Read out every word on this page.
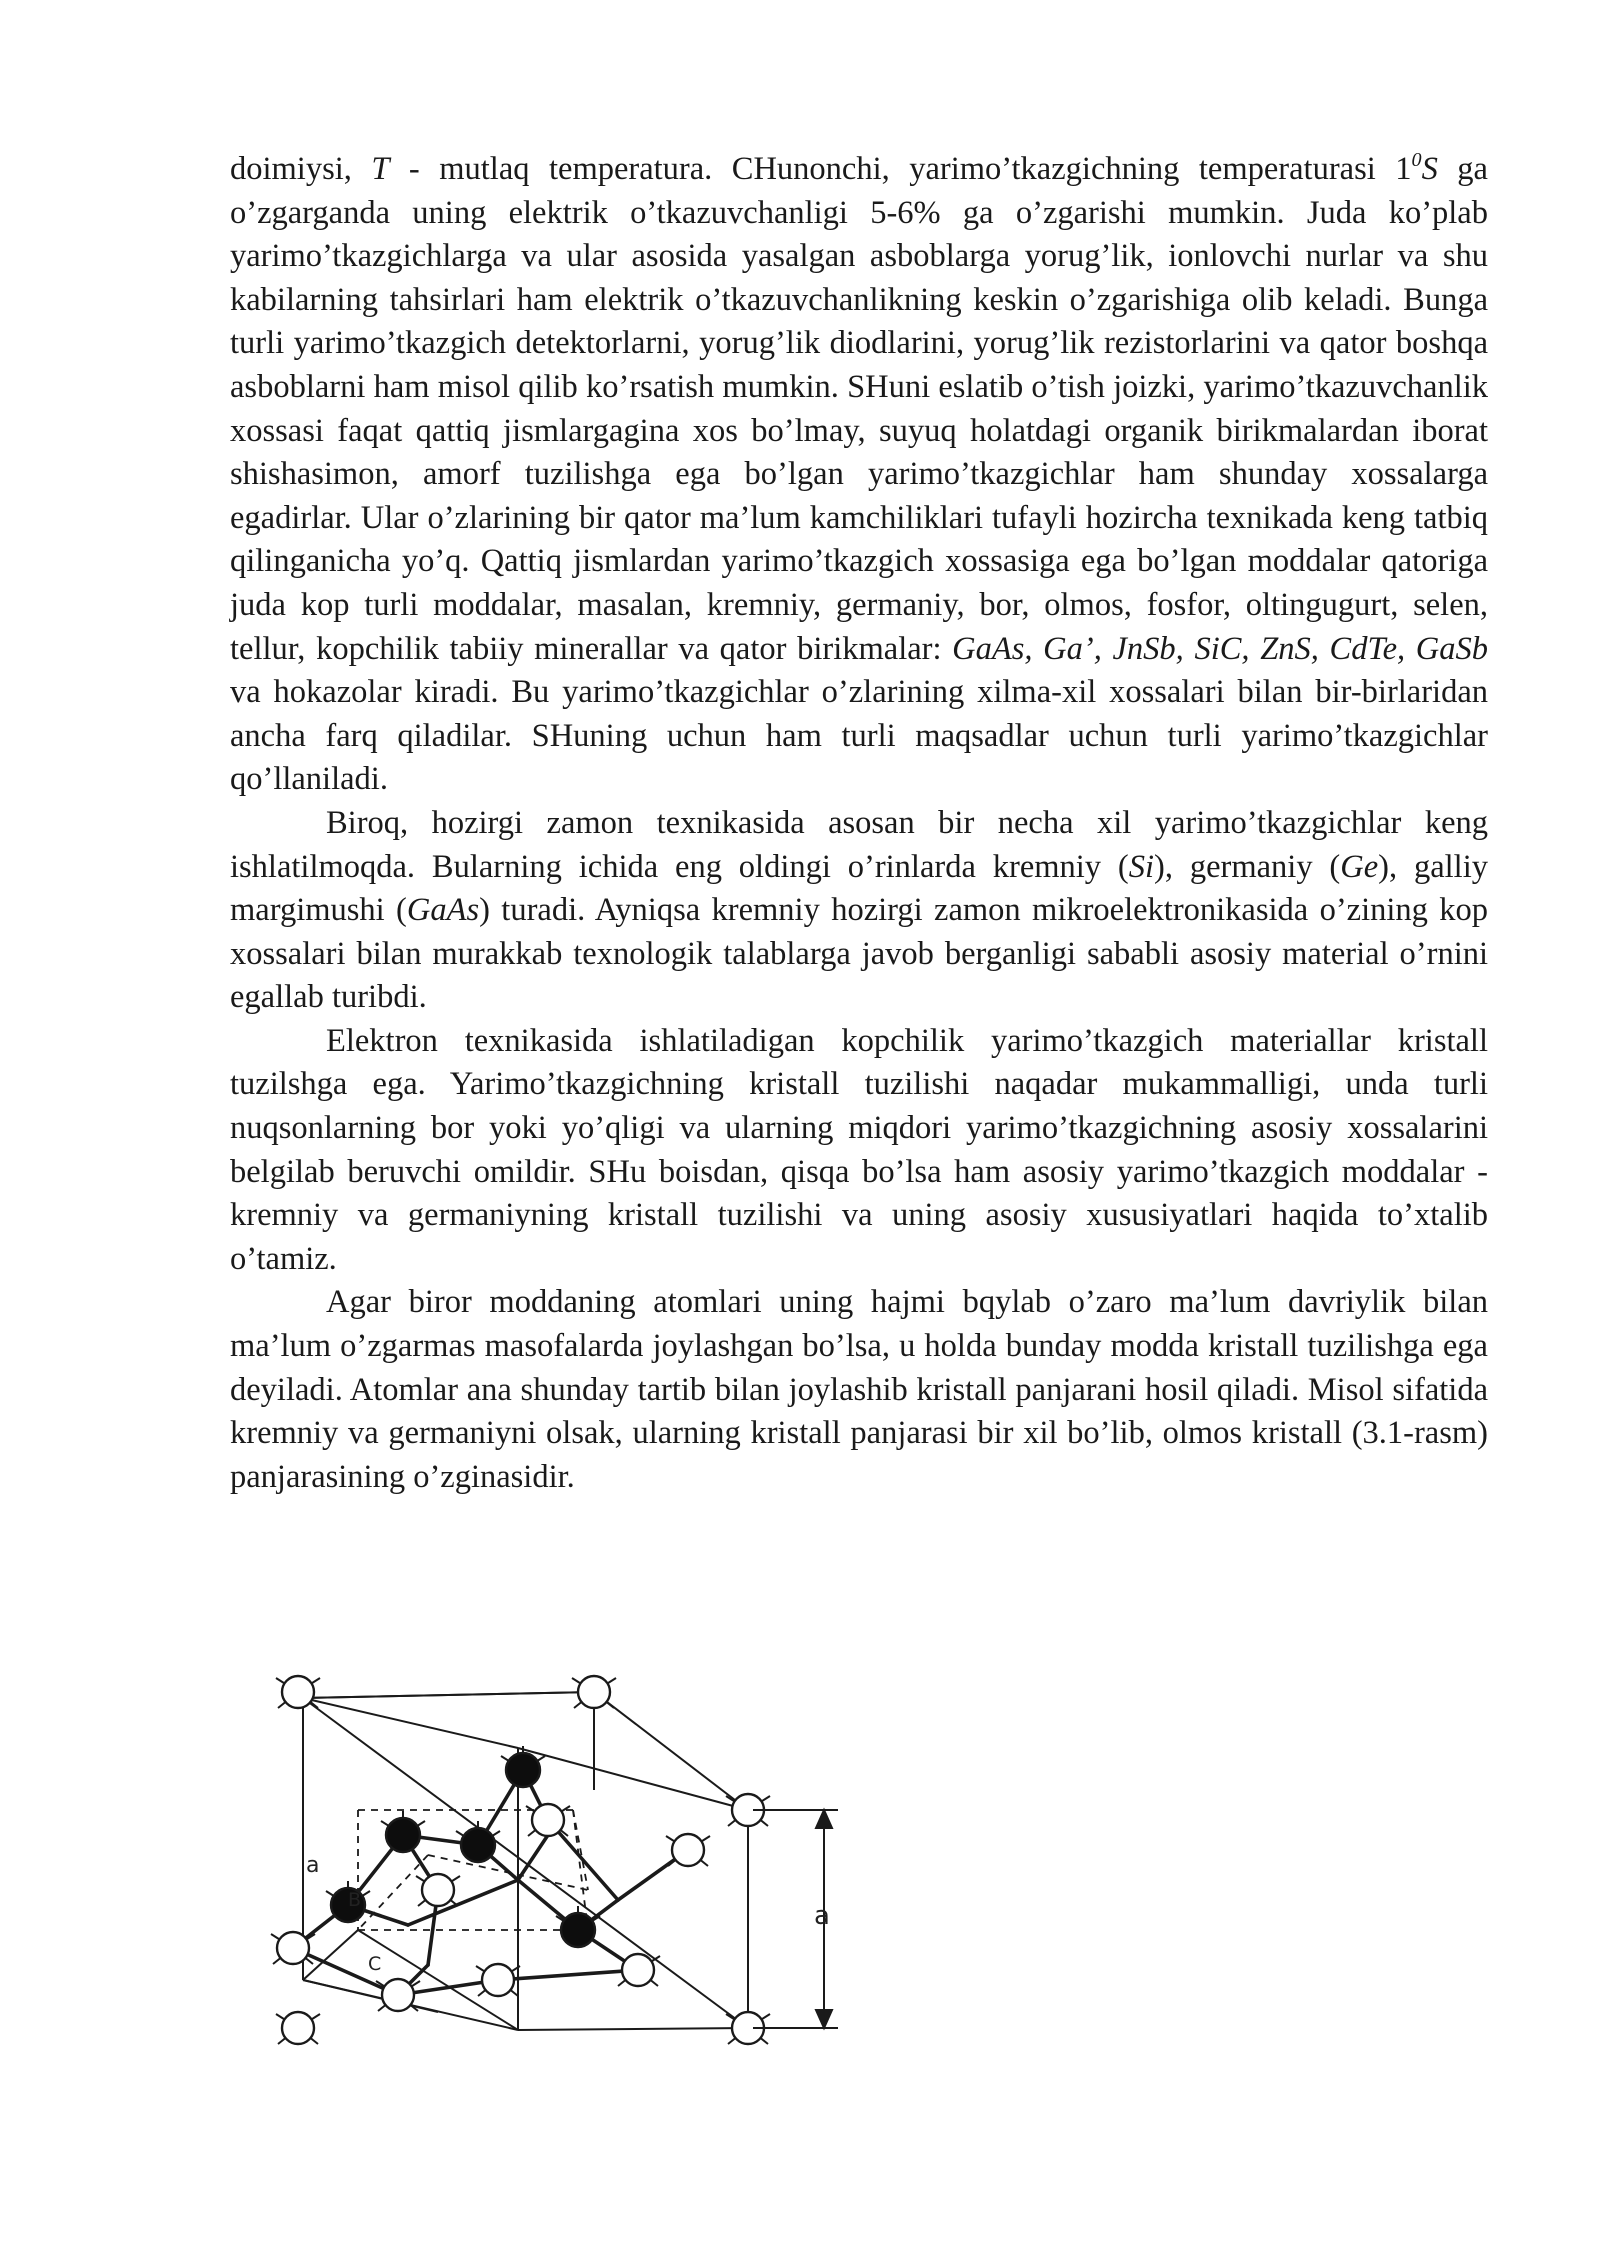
doimiysi, T - mutlaq temperatura. CHunonchi, yarimo’tkazgichning temperaturasi $1^0S$ ga o’zgarganda uning elektrik o’tkazuvchanligi 5-6% ga o’zgarishi mumkin. Juda ko’plab yarimo’tkazgichlarga va ular asosida yasalgan asboblarga yorug’lik, ionlovchi nurlar va shu kabilarning tahsirlari ham elektrik o’tkazuvchanlikning keskin o’zgarishiga olib keladi. Bunga turli yarimo’tkazgich detektorlarni, yorug’lik diodlarini, yorug’lik rezistorlarini va qator boshqa asboblarni ham misol qilib ko’rsatish mumkin. SHuni eslatib o’tish joizki, yarimo’tkazuvchanlik xossasi faqat qattiq jismlargagina xos bo’lmay, suyuq holatdagi organik birikmalardan iborat shishasimon, amorf tuzilishga ega bo’lgan yarimo’tkazgichlar ham shunday xossalarga egadirlar. Ular o’zlarining bir qator ma’lum kamchiliklari tufayli hozircha texnikada keng tatbiq qilinganicha yo’q. Qattiq jismlardan yarimo’tkazgich xossasiga ega bo’lgan moddalar qatoriga juda kop turli moddalar, masalan, kremniy, germaniy, bor, olmos, fosfor, oltingugurt, selen, tellur, kopchilik tabiiy minerallar va qator birikmalar: GaAs, Ga’, JnSb, SiC, ZnS, CdTe, GaSb va hokazolar kiradi. Bu yarimo’tkazgichlar o’zlarining xilma-xil xossalari bilan bir-birlaridan ancha farq qiladilar. SHuning uchun ham turli maqsadlar uchun turli yarimo’tkazgichlar qo’llaniladi.

Biroq, hozirgi zamon texnikasida asosan bir necha xil yarimo’tkazgichlar keng ishlatilmoqda. Bularning ichida eng oldingi o’rinlarda kremniy (Si), germaniy (Ge), galliy margimushi (GaAs) turadi. Ayniqsa kremniy hozirgi zamon mikroelektronikasida o’zining kop xossalari bilan murakkab texnologik talablarga javob berganligi sababli asosiy material o’rnini egallab turibdi.

Elektron texnikasida ishlatiladigan kopchilik yarimo’tkazgich materiallar kristall tuzilshga ega. Yarimo’tkazgichning kristall tuzilishi naqadar mukammalligi, unda turli nuqsonlarning bor yoki yo’qligi va ularning miqdori yarimo’tkazgichning asosiy xossalarini belgilab beruvchi omildir. SHu boisdan, qisqa bo’lsa ham asosiy yarimo’tkazgich moddalar - kremniy va germaniyning kristall tuzilishi va uning asosiy xususiyatlari haqida to’xtalib o’tamiz.

Agar biror moddaning atomlari uning hajmi bqylab o’zaro ma’lum davriylik bilan ma’lum o’zgarmas masofalarda joylashgan bo’lsa, u holda bunday modda kristall tuzilishga ega deyiladi. Atomlar ana shunday tartib bilan joylashib kristall panjarani hosil qiladi. Misol sifatida kremniy va germaniyni olsak, ularning kristall panjarasi bir xil bo’lib, olmos kristall (3.1-rasm) panjarasining o’zginasidir.

a
B
C
a
